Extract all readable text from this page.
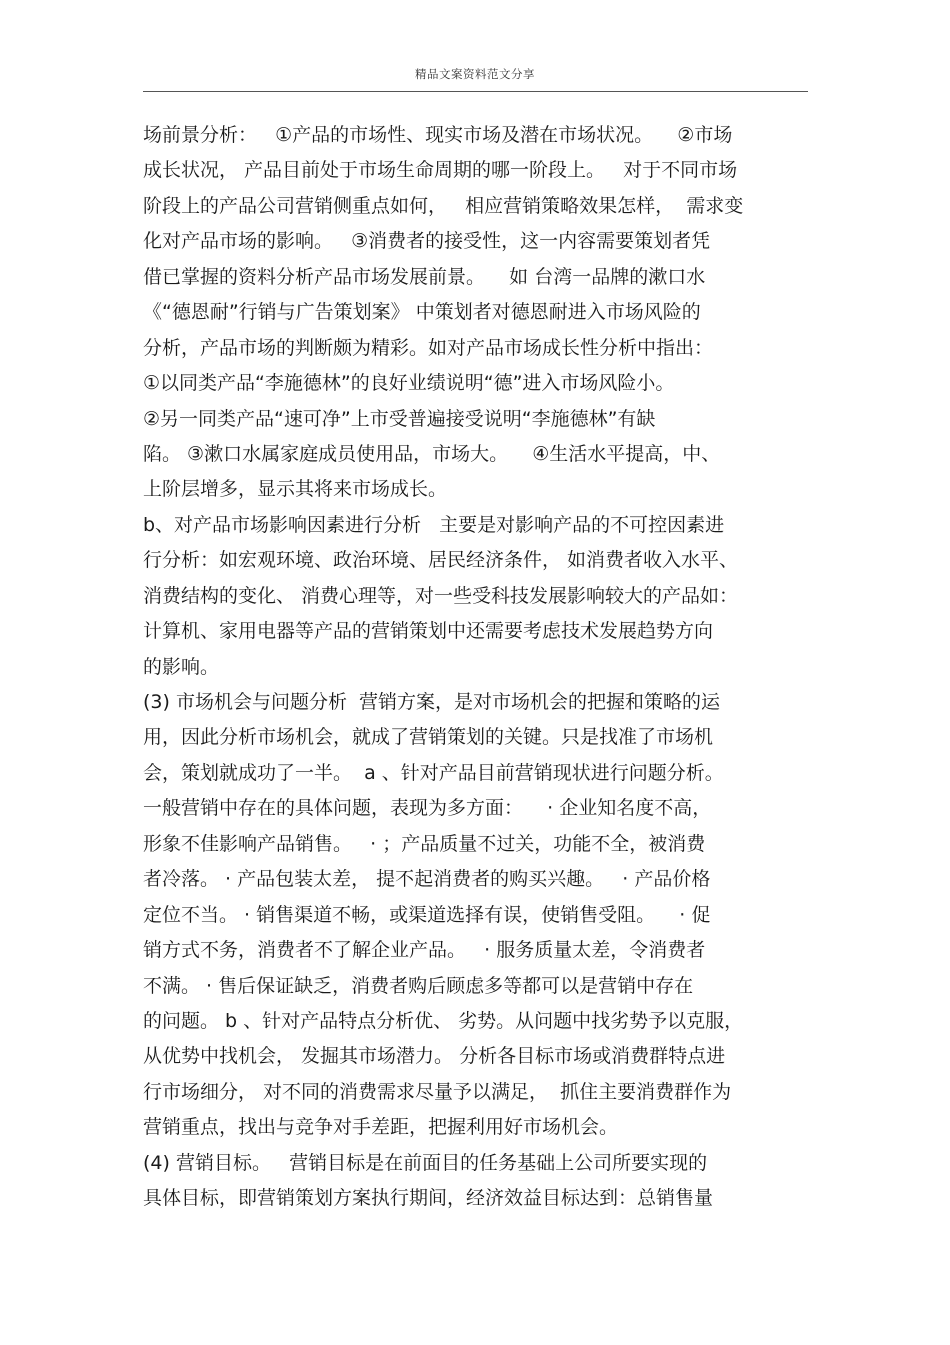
精品文案资料范文分享
场前景分析：   ①产品的市场性、现实市场及潜在市场状况。    ②市场
成长状况， 产品目前处于市场生命周期的哪一阶段上。   对于不同市场
阶段上的产品公司营销侧重点如何，   相应营销策略效果怎样，  需求变
化对产品市场的影响。   ③消费者的接受性，这一内容需要策划者凭
借已掌握的资料分析产品市场发展前景。    如 台湾一品牌的漱口水
《“德恩耐”行销与广告策划案》 中策划者对德恩耐进入市场风险的
分析，产品市场的判断颇为精彩。如对产品市场成长性分析中指出：
①以同类产品“李施德林”的良好业绩说明“德”进入市场风险小。
②另一同类产品“速可净”上市受普遍接受说明“李施德林”有缺
陷。 ③漱口水属家庭成员使用品，市场大。    ④生活水平提高，中、
上阶层增多，显示其将来市场成长。
b、对产品市场影响因素进行分析   主要是对影响产品的不可控因素进
行分析：如宏观环境、政治环境、居民经济条件， 如消费者收入水平、
消费结构的变化、 消费心理等，对一些受科技发展影响较大的产品如：
计算机、家用电器等产品的营销策划中还需要考虑技术发展趋势方向
的影响。
(3) 市场机会与问题分析  营销方案，是对市场机会的把握和策略的运
用，因此分析市场机会，就成了营销策划的关键。只是找准了市场机
会，策划就成功了一半。  a 、针对产品目前营销现状进行问题分析。
一般营销中存在的具体问题，表现为多方面：    · 企业知名度不高，
形象不佳影响产品销售。   · ；产品质量不过关，功能不全，被消费
者冷落。 · 产品包装太差， 提不起消费者的购买兴趣。   · 产品价格
定位不当。 · 销售渠道不畅，或渠道选择有误，使销售受阻。    · 促
销方式不务，消费者不了解企业产品。   · 服务质量太差，令消费者
不满。 · 售后保证缺乏，消费者购后顾虑多等都可以是营销中存在
的问题。 b 、针对产品特点分析优、 劣势。从问题中找劣势予以克服，
从优势中找机会， 发掘其市场潜力。 分析各目标市场或消费群特点进
行市场细分， 对不同的消费需求尽量予以满足，  抓住主要消费群作为
营销重点，找出与竞争对手差距，把握利用好市场机会。
(4) 营销目标。   营销目标是在前面目的任务基础上公司所要实现的
具体目标，即营销策划方案执行期间，经济效益目标达到：总销售量
